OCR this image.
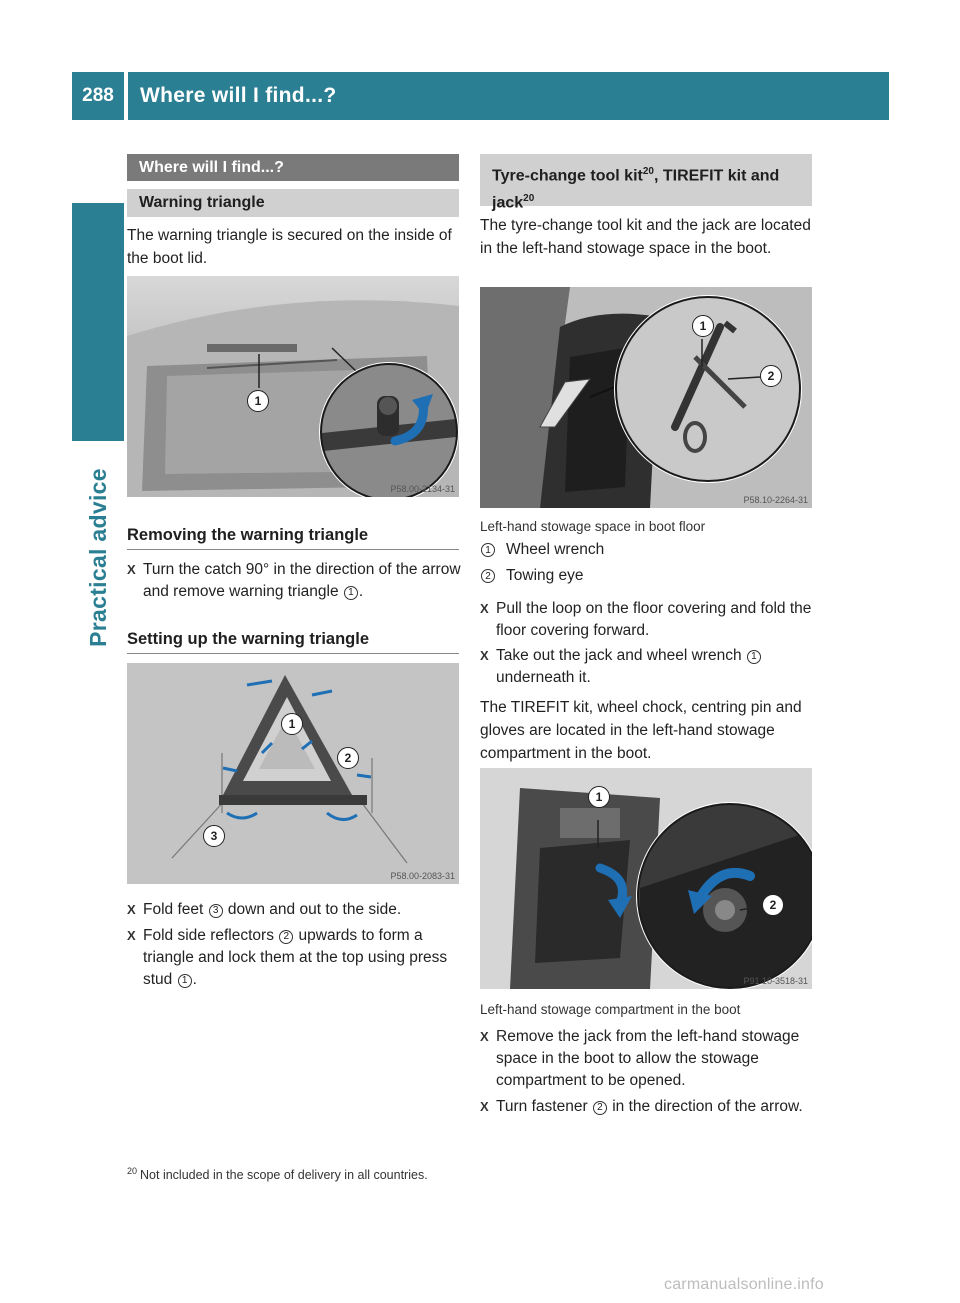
288	Where will I find...?
Practical advice
Where will I find...?
Warning triangle
The warning triangle is secured on the inside of the boot lid.
1
P58.00-2134-31
Removing the warning triangle
X Turn the catch 90° in the direction of the arrow and remove warning triangle 1 .
Setting up the warning triangle
1
2
3
P58.00-2083-31
X Fold feet 3 down and out to the side.
X Fold side reflectors 2 upwards to form a triangle and lock them at the top using press stud 1 .
Tyre-change tool kit$^{20}$, TIREFIT kit and jack$^{20}$
The tyre-change tool kit and the jack are located in the left-hand stowage space in the boot.
1
2
P58.10-2264-31
Left-hand stowage space in boot floor
1 Wheel wrench
2 Towing eye
X Pull the loop on the floor covering and fold the floor covering forward.
X Take out the jack and wheel wrench 1 underneath it.
The TIREFIT kit, wheel chock, centring pin and gloves are located in the left-hand stowage compartment in the boot.
1
2
P91.10-3518-31
Left-hand stowage compartment in the boot
X Remove the jack from the left-hand stowage space in the boot to allow the stowage compartment to be opened.
X Turn fastener 2 in the direction of the arrow.
$^{20}$ Not included in the scope of delivery in all countries.
carmanualsonline.info
